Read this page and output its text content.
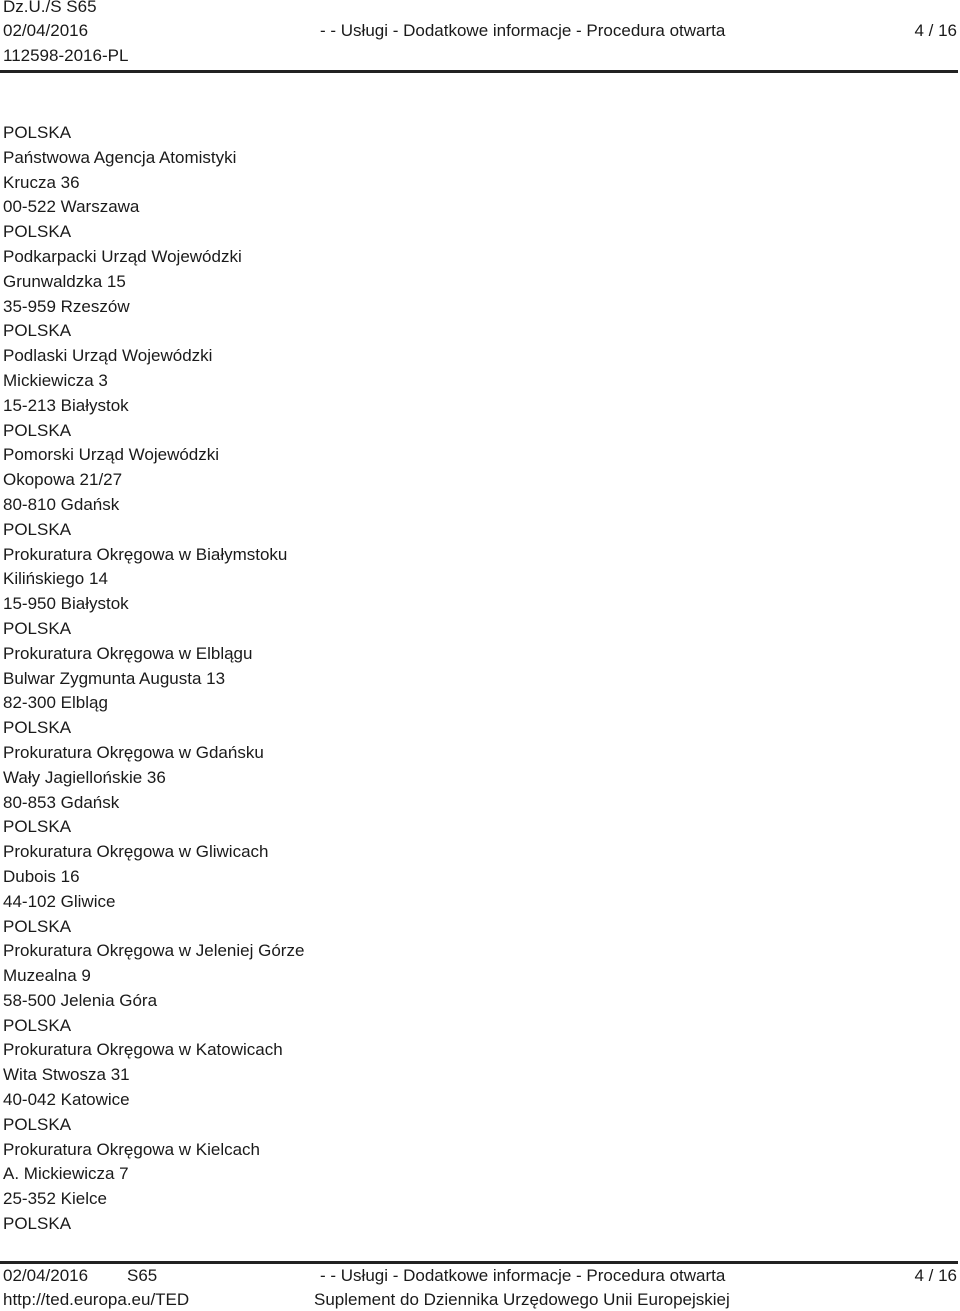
Dz.U./S S65
02/04/2016
112598-2016-PL
- - Usługi - Dodatkowe informacje - Procedura otwarta	4 / 16
POLSKA
Państwowa Agencja Atomistyki
Krucza 36
00-522 Warszawa
POLSKA
Podkarpacki Urząd Wojewódzki
Grunwaldzka 15
35-959 Rzeszów
POLSKA
Podlaski Urząd Wojewódzki
Mickiewicza 3
15-213 Białystok
POLSKA
Pomorski Urząd Wojewódzki
Okopowa 21/27
80-810 Gdańsk
POLSKA
Prokuratura Okręgowa w Białymstoku
Kilińskiego 14
15-950 Białystok
POLSKA
Prokuratura Okręgowa w Elblągu
Bulwar Zygmunta Augusta 13
82-300 Elbląg
POLSKA
Prokuratura Okręgowa w Gdańsku
Wały Jagiellońskie 36
80-853 Gdańsk
POLSKA
Prokuratura Okręgowa w Gliwicach
Dubois 16
44-102 Gliwice
POLSKA
Prokuratura Okręgowa w Jeleniej Górze
Muzealna 9
58-500 Jelenia Góra
POLSKA
Prokuratura Okręgowa w Katowicach
Wita Stwosza 31
40-042 Katowice
POLSKA
Prokuratura Okręgowa w Kielcach
A. Mickiewicza 7
25-352 Kielce
POLSKA
02/04/2016 S65	- - Usługi - Dodatkowe informacje - Procedura otwarta	4 / 16
http://ted.europa.eu/TED	Suplement do Dziennika Urzędowego Unii Europejskiej
